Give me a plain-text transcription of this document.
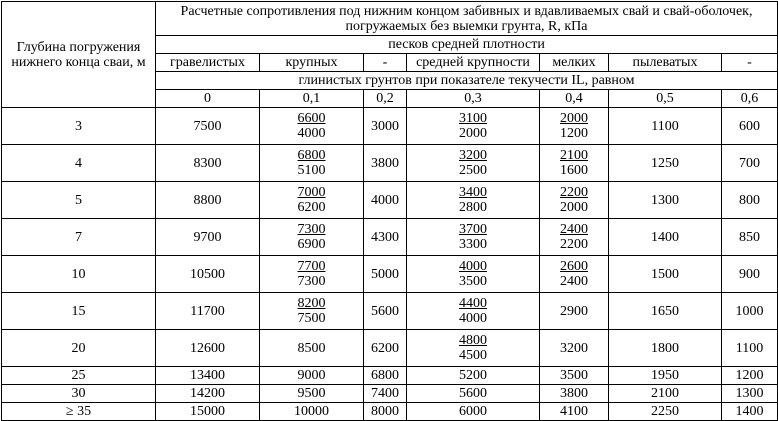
Глубина погружения нижнего конца сваи, м	Расчетные сопротивления под нижним концом забивных и вдавливаемых свай и свай-оболочек, погружаемых без выемки грунта, R, кПа						
	песков средней плотности						
	гравелистых	крупных	-	средней крупности	мелких	пылеватых	-
	глинистых грунтов при показателе текучести IL, равном						
	0	0,1	0,2	0,3	0,4	0,5	0,6
3	7500	$\frac{6600}{4000}$	3000	$\frac{3100}{2000}$	$\frac{2000}{1200}$	1100	600
4	8300	$\frac{6800}{5100}$	3800	$\frac{3200}{2500}$	$\frac{2100}{1600}$	1250	700
5	8800	$\frac{7000}{6200}$	4000	$\frac{3400}{2800}$	$\frac{2200}{2000}$	1300	800
7	9700	$\frac{7300}{6900}$	4300	$\frac{3700}{3300}$	$\frac{2400}{2200}$	1400	850
10	10500	$\frac{7700}{7300}$	5000	$\frac{4000}{3500}$	$\frac{2600}{2400}$	1500	900
15	11700	$\frac{8200}{7500}$	5600	$\frac{4400}{4000}$	2900	1650	1000
20	12600	8500	6200	$\frac{4800}{4500}$	3200	1800	1100
25	13400	9000	6800	5200	3500	1950	1200
30	14200	9500	7400	5600	3800	2100	1300
≥ 35	15000	10000	8000	6000	4100	2250	1400
